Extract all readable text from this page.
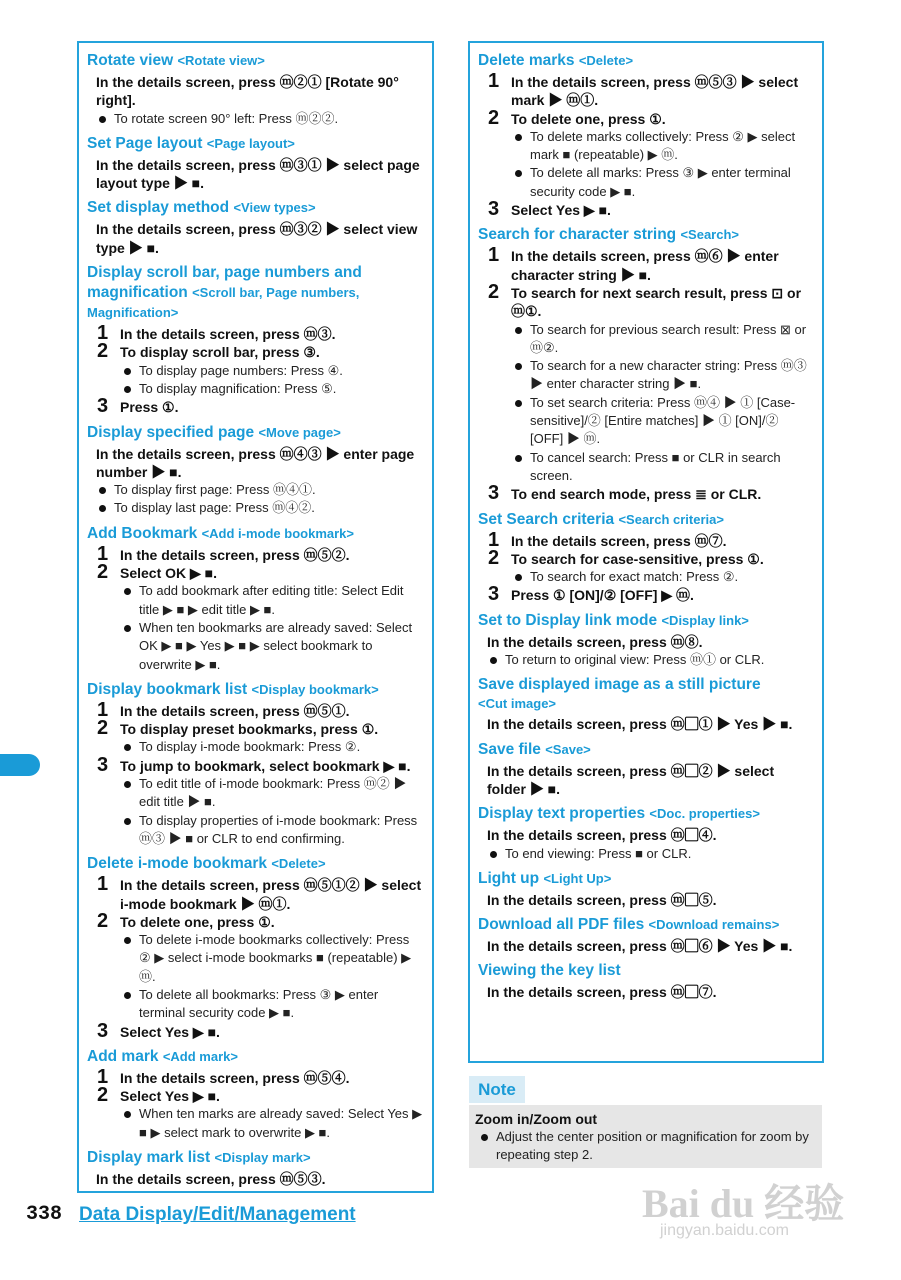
Rotate view <Rotate view>
In the details screen, press ⓜ②① [Rotate 90° right].
To rotate screen 90° left: Press ⓜ②②.
Set Page layout <Page layout>
In the details screen, press ⓜ③① ▶ select page layout type ▶ ■.
Set display method <View types>
In the details screen, press ⓜ③② ▶ select view type ▶ ■.
Display scroll bar, page numbers and magnification <Scroll bar, Page numbers, Magnification>
1 In the details screen, press ⓜ③.
2 To display scroll bar, press ③.
To display page numbers: Press ④.
To display magnification: Press ⑤.
3 Press ①.
Display specified page <Move page>
In the details screen, press ⓜ④③ ▶ enter page number ▶ ■.
To display first page: Press ⓜ④①.
To display last page: Press ⓜ④②.
Add Bookmark <Add i-mode bookmark>
1 In the details screen, press ⓜ⑤②.
2 Select OK ▶ ■.
To add bookmark after editing title: Select Edit title ▶ ■ ▶ edit title ▶ ■.
When ten bookmarks are already saved: Select OK ▶ ■ ▶ Yes ▶ ■ ▶ select bookmark to overwrite ▶ ■.
Display bookmark list <Display bookmark>
1 In the details screen, press ⓜ⑤①.
2 To display preset bookmarks, press ①.
To display i-mode bookmark: Press ②.
3 To jump to bookmark, select bookmark ▶ ■.
To edit title of i-mode bookmark: Press ⓜ② ▶ edit title ▶ ■.
To display properties of i-mode bookmark: Press ⓜ③ ▶ ■ or CLR to end confirming.
Delete i-mode bookmark <Delete>
1 In the details screen, press ⓜ⑤①② ▶ select i-mode bookmark ▶ ⓜ①.
2 To delete one, press ①.
To delete i-mode bookmarks collectively: Press ② ▶ select i-mode bookmarks ■ (repeatable) ▶ ⓜ.
To delete all bookmarks: Press ③ ▶ enter terminal security code ▶ ■.
3 Select Yes ▶ ■.
Add mark <Add mark>
1 In the details screen, press ⓜ⑤④.
2 Select Yes ▶ ■.
When ten marks are already saved: Select Yes ▶ ■ ▶ select mark to overwrite ▶ ■.
Display mark list <Display mark>
In the details screen, press ⓜ⑤③.
Delete marks <Delete>
1 In the details screen, press ⓜ⑤③ ▶ select mark ▶ ⓜ①.
2 To delete one, press ①.
To delete marks collectively: Press ② ▶ select mark ■ (repeatable) ▶ ⓜ.
To delete all marks: Press ③ ▶ enter terminal security code ▶ ■.
3 Select Yes ▶ ■.
Search for character string <Search>
1 In the details screen, press ⓜ⑥ ▶ enter character string ▶ ■.
2 To search for next search result, press ⊡ or ⓜ①.
To search for previous search result: Press ⊠ or ⓜ②.
To search for a new character string: Press ⓜ③ ▶ enter character string ▶ ■.
To set search criteria: Press ⓜ④ ▶ ① [Case-sensitive]/② [Entire matches] ▶ ① [ON]/② [OFF] ▶ ⓜ.
To cancel search: Press ■ or CLR in search screen.
3 To end search mode, press ≣ or CLR.
Set Search criteria <Search criteria>
1 In the details screen, press ⓜ⑦.
2 To search for case-sensitive, press ①.
To search for exact match: Press ②.
3 Press ① [ON]/② [OFF] ▶ ⓜ.
Set to Display link mode <Display link>
In the details screen, press ⓜ⑧.
To return to original view: Press ⓜ① or CLR.
Save displayed image as a still picture
<Cut image>
In the details screen, press ⓜ▢① ▶ Yes ▶ ■.
Save file <Save>
In the details screen, press ⓜ▢② ▶ select folder ▶ ■.
Display text properties <Doc. properties>
In the details screen, press ⓜ▢④.
To end viewing: Press ■ or CLR.
Light up <Light Up>
In the details screen, press ⓜ▢⑤.
Download all PDF files <Download remains>
In the details screen, press ⓜ▢⑥ ▶ Yes ▶ ■.
Viewing the key list
In the details screen, press ⓜ▢⑦.
Note
Zoom in/Zoom out
Adjust the center position or magnification for zoom by repeating step 2.
338 Data Display/Edit/Management	Bai du 经验
jingyan.baidu.com
